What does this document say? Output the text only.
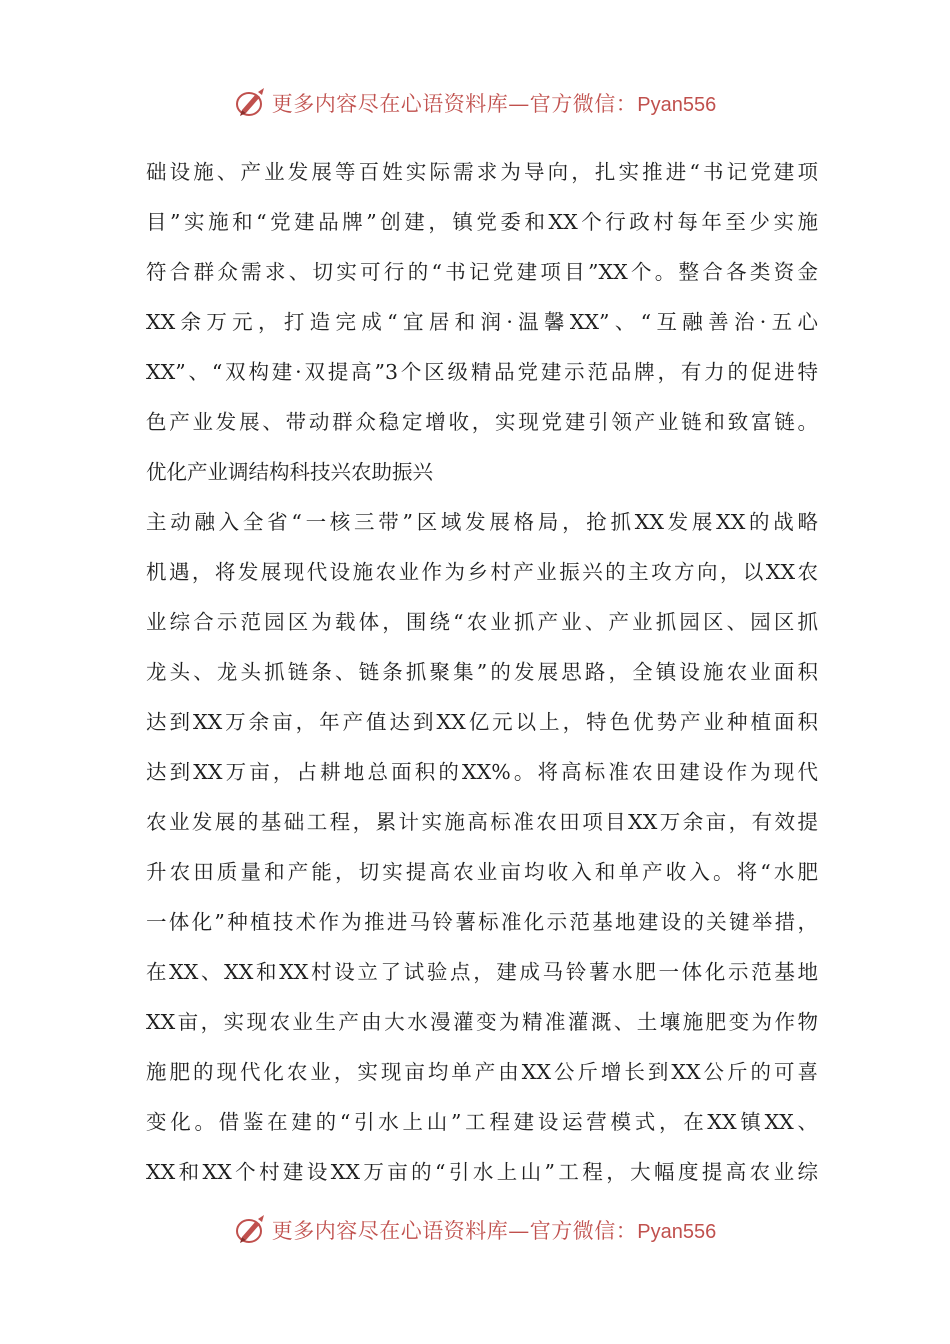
更多内容尽在心语资料库—官方微信：Pyan556
础设施、产业发展等百姓实际需求为导向，扎实推进“书记党建项
目”实施和“党建品牌”创建，镇党委和XX个行政村每年至少实施
符合群众需求、切实可行的“书记党建项目”XX个。整合各类资金
XX余万元，打造完成“宜居和润·温馨XX”、“互融善治·五心
XX”、“双构建·双提高”3个区级精品党建示范品牌，有力的促进特
色产业发展、带动群众稳定增收，实现党建引领产业链和致富链。
优化产业调结构科技兴农助振兴
主动融入全省“一核三带”区域发展格局，抢抓XX发展XX的战略
机遇，将发展现代设施农业作为乡村产业振兴的主攻方向，以XX农
业综合示范园区为载体，围绕“农业抓产业、产业抓园区、园区抓
龙头、龙头抓链条、链条抓聚集”的发展思路，全镇设施农业面积
达到XX万余亩，年产值达到XX亿元以上，特色优势产业种植面积
达到XX万亩，占耕地总面积的XX%。将高标准农田建设作为现代
农业发展的基础工程，累计实施高标准农田项目XX万余亩，有效提
升农田质量和产能，切实提高农业亩均收入和单产收入。将“水肥
一体化”种植技术作为推进马铃薯标准化示范基地建设的关键举措，
在XX、XX和XX村设立了试验点，建成马铃薯水肥一体化示范基地
XX亩，实现农业生产由大水漫灌变为精准灌溉、土壤施肥变为作物
施肥的现代化农业，实现亩均单产由XX公斤增长到XX公斤的可喜
变化。借鉴在建的“引水上山”工程建设运营模式，在XX镇XX、
XX和XX个村建设XX万亩的“引水上山”工程，大幅度提高农业综
更多内容尽在心语资料库—官方微信：Pyan556
